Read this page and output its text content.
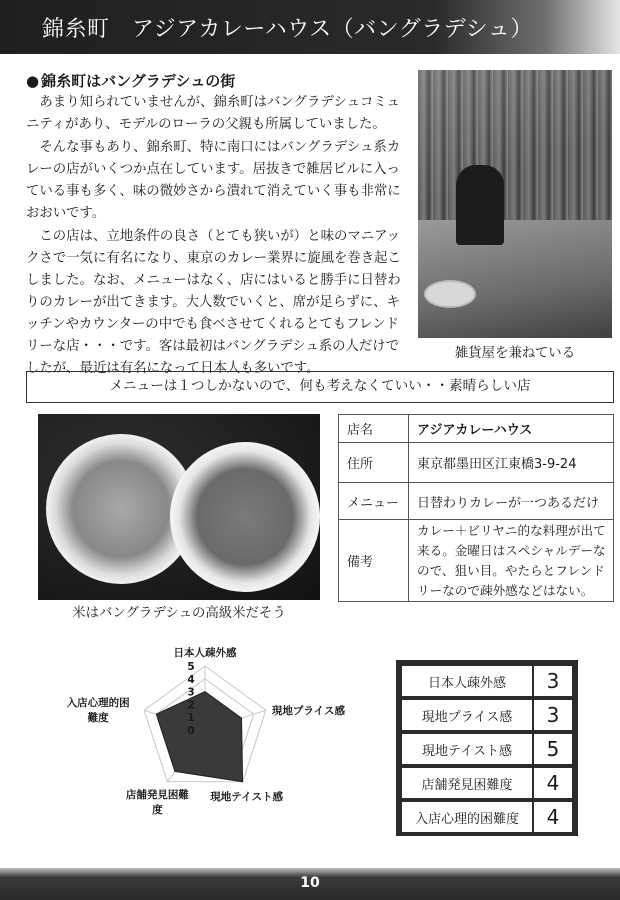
錦糸町　アジアカレーハウス（バングラデシュ）
● 錦糸町はバングラデシュの街

あまり知られていませんが、錦糸町はバングラデシュコミュニティがあり、モデルのローラの父親も所属していました。

そんな事もあり、錦糸町、特に南口にはバングラデシュ系カレーの店がいくつか点在しています。居抜きで雑居ビルに入っている事も多く、味の微妙さから潰れて消えていく事も非常におおいです。

この店は、立地条件の良さ（とても狭いが）と味のマニアックさで一気に有名になり、東京のカレー業界に旋風を巻き起こしました。なお、メニューはなく、店にはいると勝手に日替わりのカレーが出てきます。大人数でいくと、席が足らずに、キッチンやカウンターの中でも食べさせてくれるとてもフレンドリーな店・・・です。客は最初はバングラデシュ系の人だけでしたが、最近は有名になって日本人も多いです。

雑貨屋を兼ねている
メニューは１つしかないので、何も考えなくていい・・素晴らしい店
米はバングラデシュの高級米だそう
店名	アジアカレーハウス
住所	東京都墨田区江東橋3-9-24
メニュー	日替わりカレーが一つあるだけ
備考	カレー＋ビリヤニ的な料理が出て来る。金曜日はスペシャルデーなので、狙い目。やたらとフレンドリーなので疎外感などはない。
0
1
2
3
4
5
日本人疎外感
現地プライス感
現地テイスト感
店舗発見困難度
入店心理的困難度
日本人疎外感	3
現地プライス感	3
現地テイスト感	5
店舗発見困難度	4
入店心理的困難度	4
10
